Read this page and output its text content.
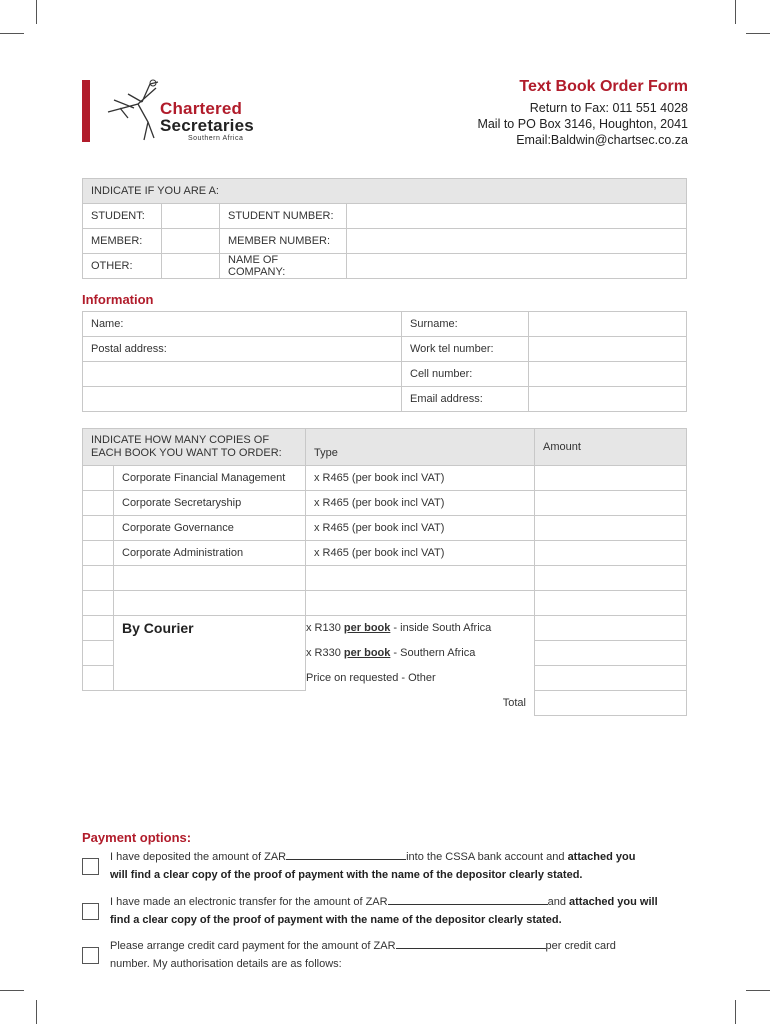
Chartered
Secretaries
Southern Africa
Text Book Order Form
Return to Fax: 011 551 4028
Mail to PO Box 3146, Houghton, 2041
Email:Baldwin@chartsec.co.za
INDICATE IF YOU ARE A:			
STUDENT:		STUDENT NUMBER:	
MEMBER:		MEMBER NUMBER:	
OTHER:		NAME OF COMPANY:	
Information
Name:	Surname:	
Postal address:	Work tel number:	
	Cell number:	
	Email address:	
INDICATE HOW MANY COPIES OF
EACH BOOK YOU WANT TO ORDER:		Type	Amount
	Corporate Financial Management	x R465 (per book incl VAT)	
	Corporate Secretaryship	x R465 (per book incl VAT)	
	Corporate Governance	x R465 (per book incl VAT)	
	Corporate Administration	x R465 (per book incl VAT)	

	By Courier	x R130 per book - inside South Africa	
		x R330 per book - Southern Africa	
		Price on requested - Other	
Total			
Payment options:
I have deposited the amount of ZAR	into the CSSA bank account and attached you
will find a clear copy of the proof of payment with the name of the depositor clearly stated.
I have made an electronic transfer for the amount of ZAR	and attached you will
find a clear copy of the proof of payment with the name of the depositor clearly stated.
Please arrange credit card payment for the amount of ZAR	per credit card
number. My authorisation details are as follows:
